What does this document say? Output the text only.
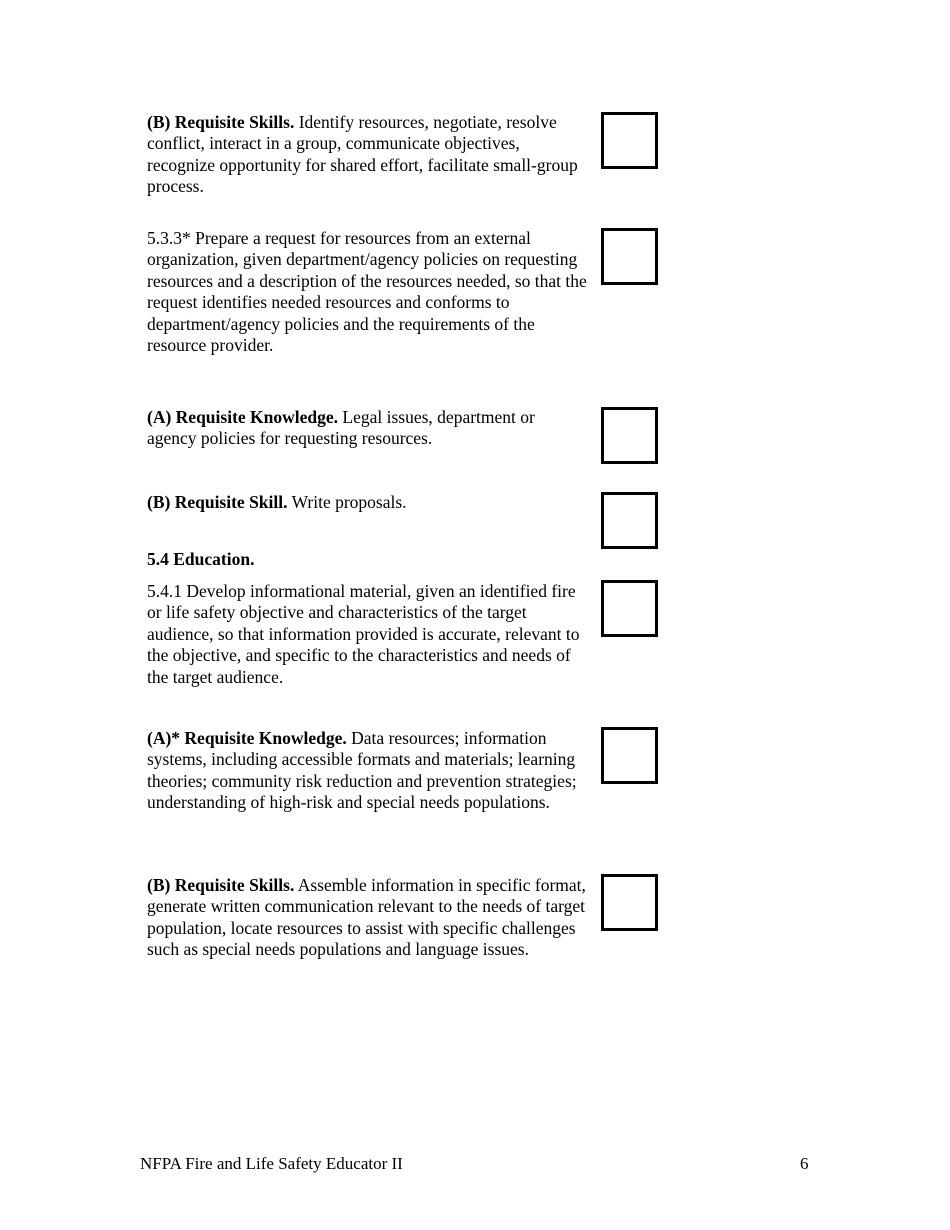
(B) Requisite Skills. Identify resources, negotiate, resolve conflict, interact in a group, communicate objectives, recognize opportunity for shared effort, facilitate small-group process.
5.3.3* Prepare a request for resources from an external organization, given department/agency policies on requesting resources and a description of the resources needed, so that the request identifies needed resources and conforms to department/agency policies and the requirements of the resource provider.
(A) Requisite Knowledge. Legal issues, department or agency policies for requesting resources.
(B) Requisite Skill. Write proposals.
5.4 Education.
5.4.1 Develop informational material, given an identified fire or life safety objective and characteristics of the target audience, so that information provided is accurate, relevant to the objective, and specific to the characteristics and needs of the target audience.
(A)* Requisite Knowledge. Data resources; information systems, including accessible formats and materials; learning theories; community risk reduction and prevention strategies; understanding of high-risk and special needs populations.
(B) Requisite Skills. Assemble information in specific format, generate written communication relevant to the needs of target population, locate resources to assist with specific challenges such as special needs populations and language issues.
NFPA Fire and Life Safety Educator II	6
